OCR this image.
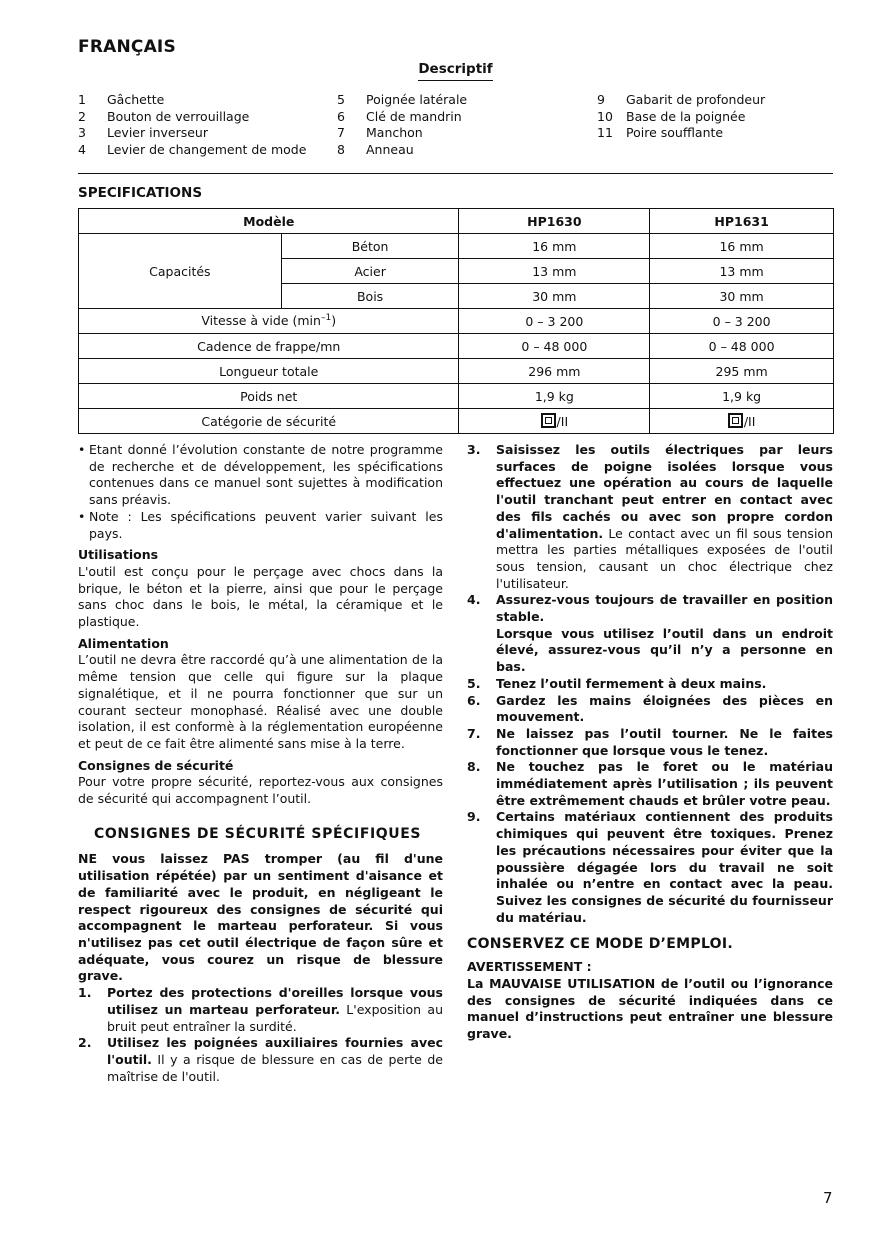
FRANÇAIS
Descriptif
1 Gâchette
2 Bouton de verrouillage
3 Levier inverseur
4 Levier de changement de mode
5 Poignée latérale
6 Clé de mandrin
7 Manchon
8 Anneau
9 Gabarit de profondeur
10 Base de la poignée
11 Poire soufflante
SPECIFICATIONS
Modèle		HP1630	HP1631
Capacités	Béton	16 mm	16 mm
	Acier	13 mm	13 mm
	Bois	30 mm	30 mm
Vitesse à vide $(\min^{-1})$		0 – 3 200	0 – 3 200
Cadence de frappe/mn		0 – 48 000	0 – 48 000
Longueur totale		296 mm	295 mm
Poids net		1,9 kg	1,9 kg
Catégorie de sécurité		/II	/II
• Etant donné l’évolution constante de notre programme de recherche et de développement, les spécifications contenues dans ce manuel sont sujettes à modification sans préavis.
• Note : Les spécifications peuvent varier suivant les pays.
Utilisations
L'outil est conçu pour le perçage avec chocs dans la brique, le béton et la pierre, ainsi que pour le perçage sans choc dans le bois, le métal, la céramique et le plastique.
Alimentation
L’outil ne devra être raccordé qu’à une alimentation de la même tension que celle qui figure sur la plaque signalétique, et il ne pourra fonctionner que sur un courant secteur monophasé. Réalisé avec une double isolation, il est conformè à la réglementation européenne et peut de ce fait être alimenté sans mise à la terre.
Consignes de sécurité
Pour votre propre sécurité, reportez-vous aux consignes de sécurité qui accompagnent l’outil.
CONSIGNES DE SÉCURITÉ SPÉCIFIQUES
NE vous laissez PAS tromper (au fil d'une utilisation répétée) par un sentiment d'aisance et de familiarité avec le produit, en négligeant le respect rigoureux des consignes de sécurité qui accompagnent le marteau perforateur. Si vous n'utilisez pas cet outil électrique de façon sûre et adéquate, vous courez un risque de blessure grave.
1. Portez des protections d'oreilles lorsque vous utilisez un marteau perforateur. L'exposition au bruit peut entraîner la surdité.
2. Utilisez les poignées auxiliaires fournies avec l'outil. Il y a risque de blessure en cas de perte de maîtrise de l'outil.
3. Saisissez les outils électriques par leurs surfaces de poigne isolées lorsque vous effectuez une opération au cours de laquelle l'outil tranchant peut entrer en contact avec des fils cachés ou avec son propre cordon d'alimentation. Le contact avec un fil sous tension mettra les parties métalliques exposées de l'outil sous tension, causant un choc électrique chez l'utilisateur.
4. Assurez-vous toujours de travailler en position stable.
Lorsque vous utilisez l’outil dans un endroit élevé, assurez-vous qu’il n’y a personne en bas.
5. Tenez l’outil fermement à deux mains.
6. Gardez les mains éloignées des pièces en mouvement.
7. Ne laissez pas l’outil tourner. Ne le faites fonctionner que lorsque vous le tenez.
8. Ne touchez pas le foret ou le matériau immédiatement après l’utilisation ; ils peuvent être extrêmement chauds et brûler votre peau.
9. Certains matériaux contiennent des produits chimiques qui peuvent être toxiques. Prenez les précautions nécessaires pour éviter que la poussière dégagée lors du travail ne soit inhalée ou n’entre en contact avec la peau. Suivez les consignes de sécurité du fournisseur du matériau.
CONSERVEZ CE MODE D’EMPLOI.
AVERTISSEMENT :
La MAUVAISE UTILISATION de l’outil ou l’ignorance des consignes de sécurité indiquées dans ce manuel d’instructions peut entraîner une blessure grave.
7
